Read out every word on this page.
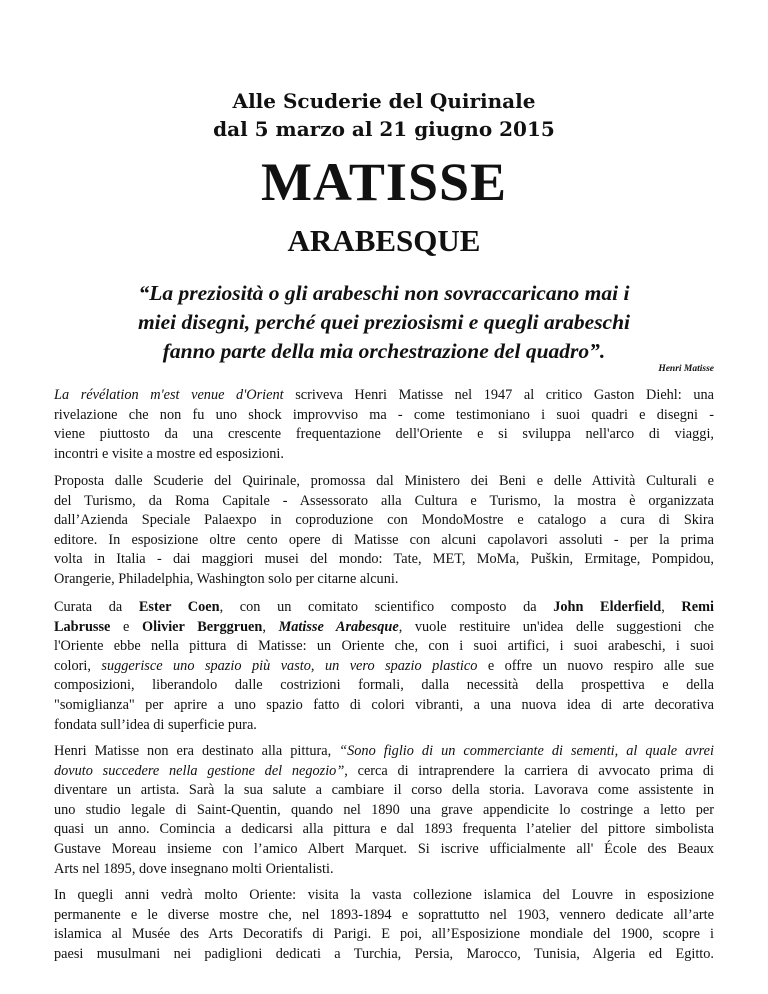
Alle Scuderie del Quirinale
dal 5 marzo al 21 giugno 2015
MATISSE
ARABESQUE

“La preziosità o gli arabeschi non sovraccaricano mai i
miei disegni, perché quei preziosismi e quegli arabeschi
fanno parte della mia orchestrazione del quadro”.

Henri Matisse

La révélation m'est venue d'Orient scriveva Henri Matisse nel 1947 al critico Gaston Diehl: una
rivelazione che non fu uno shock improvviso ma - come testimoniano i suoi quadri e disegni -
viene piuttosto da una crescente frequentazione dell'Oriente e si sviluppa nell'arco di viaggi,
incontri e visite a mostre ed esposizioni.

Proposta dalle Scuderie del Quirinale, promossa dal Ministero dei Beni e delle Attività Culturali e
del Turismo, da Roma Capitale - Assessorato alla Cultura e Turismo, la mostra è organizzata
dall’Azienda Speciale Palaexpo in coproduzione con MondoMostre e catalogo a cura di Skira
editore. In esposizione oltre cento opere di Matisse con alcuni capolavori assoluti - per la prima
volta in Italia - dai maggiori musei del mondo: Tate, MET, MoMa, Puškin, Ermitage, Pompidou,
Orangerie, Philadelphia, Washington solo per citarne alcuni.

Curata da Ester Coen, con un comitato scientifico composto da John Elderfield, Remi
Labrusse e Olivier Berggruen, Matisse Arabesque, vuole restituire un'idea delle suggestioni che
l'Oriente ebbe nella pittura di Matisse: un Oriente che, con i suoi artifici, i suoi arabeschi, i suoi
colori, suggerisce uno spazio più vasto, un vero spazio plastico e offre un nuovo respiro alle sue
composizioni, liberandolo dalle costrizioni formali, dalla necessità della prospettiva e della
"somiglianza" per aprire a uno spazio fatto di colori vibranti, a una nuova idea di arte decorativa
fondata sull’idea di superficie pura.

Henri Matisse non era destinato alla pittura, “Sono figlio di un commerciante di sementi, al quale avrei
dovuto succedere nella gestione del negozio”, cerca di intraprendere la carriera di avvocato prima di
diventare un artista. Sarà la sua salute a cambiare il corso della storia. Lavorava come assistente in
uno studio legale di Saint-Quentin, quando nel 1890 una grave appendicite lo costringe a letto per
quasi un anno. Comincia a dedicarsi alla pittura e dal 1893 frequenta l’atelier del pittore simbolista
Gustave Moreau insieme con l’amico Albert Marquet. Si iscrive ufficialmente all' École des Beaux
Arts nel 1895, dove insegnano molti Orientalisti.

In quegli anni vedrà molto Oriente: visita la vasta collezione islamica del Louvre in esposizione
permanente e le diverse mostre che, nel 1893-1894 e soprattutto nel 1903, vennero dedicate all’arte
islamica al Musée des Arts Decoratifs di Parigi. E poi, all’Esposizione mondiale del 1900, scopre i
paesi musulmani nei padiglioni dedicati a Turchia, Persia, Marocco, Tunisia, Algeria ed Egitto.
